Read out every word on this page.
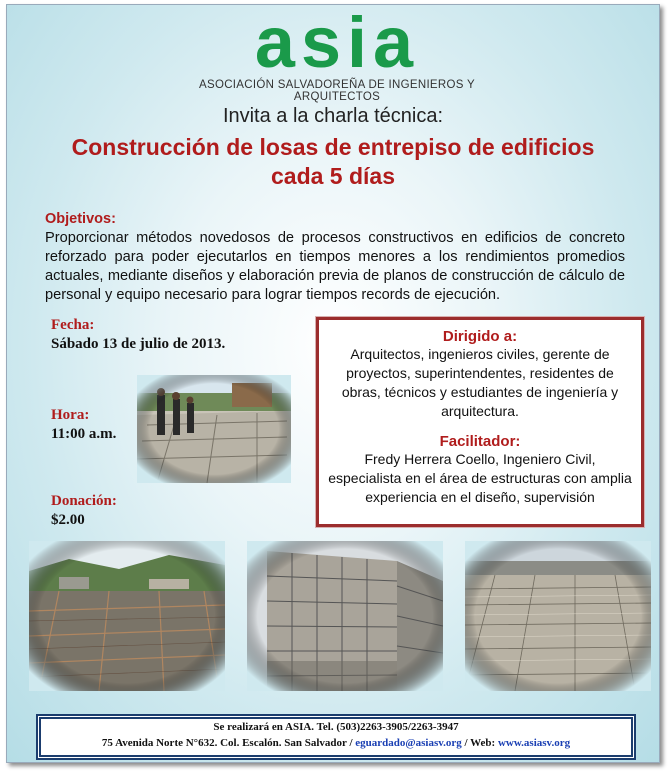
asia
ASOCIACIÓN SALVADOREÑA DE INGENIEROS Y ARQUITECTOS
Invita a la charla técnica:
Construcción de losas de entrepiso de edificios
cada 5 días
Objetivos:
Proporcionar métodos novedosos de procesos constructivos en edificios de concreto reforzado para poder ejecutarlos en tiempos menores a los rendimientos promedios actuales, mediante diseños y elaboración previa de planos de construcción de cálculo de personal y equipo necesario para lograr tiempos records de ejecución.
Fecha:
Sábado 13 de julio de 2013.
Hora:
11:00 a.m.
Donación:
$2.00
Dirigido a:
Arquitectos, ingenieros civiles, gerente de proyectos, superintendentes, residentes de obras, técnicos y estudiantes de ingeniería y arquitectura.
Facilitador:
Fredy Herrera Coello, Ingeniero Civil, especialista en el área de estructuras con amplia experiencia en el diseño, supervisión
Se realizará en ASIA. Tel. (503)2263-3905/2263-3947
75 Avenida Norte N°632. Col. Escalón. San Salvador / eguardado@asiasv.org / Web: www.asiasv.org
